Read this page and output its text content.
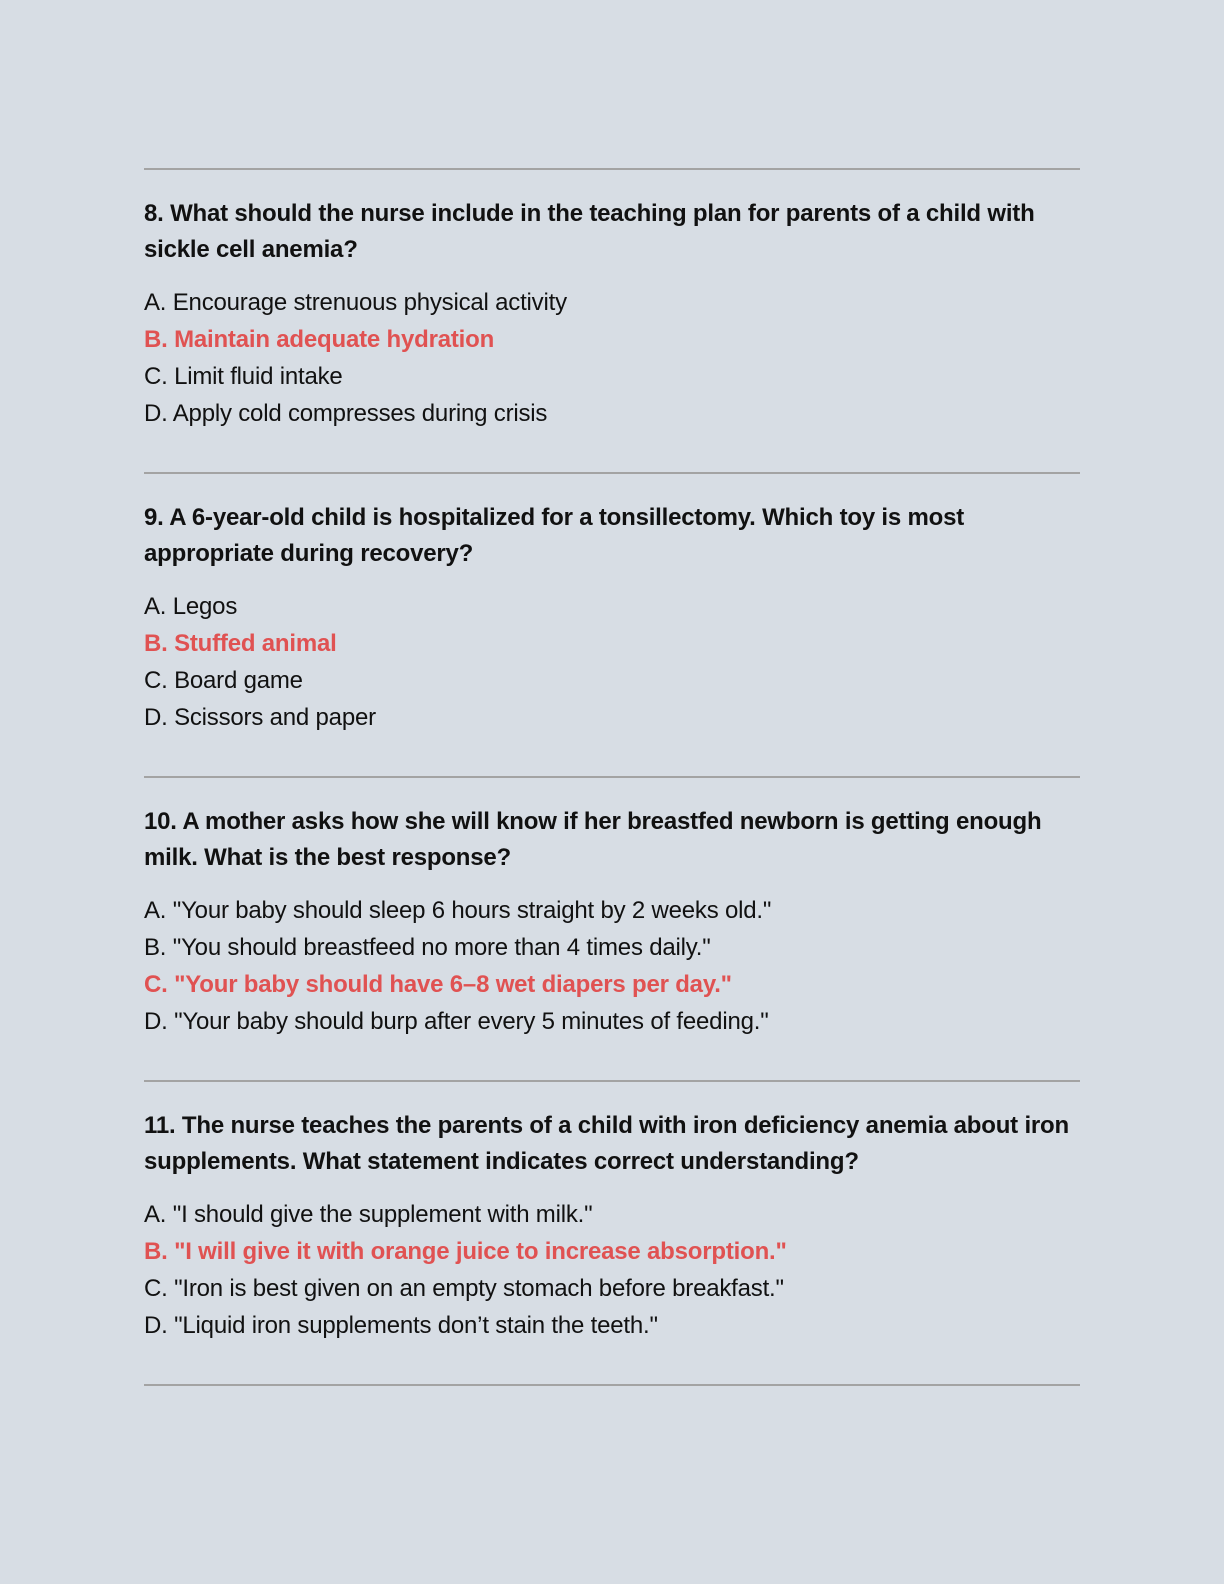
8. What should the nurse include in the teaching plan for parents of a child with sickle cell anemia?

A. Encourage strenuous physical activity
B. Maintain adequate hydration
C. Limit fluid intake
D. Apply cold compresses during crisis

9. A 6-year-old child is hospitalized for a tonsillectomy. Which toy is most appropriate during recovery?

A. Legos
B. Stuffed animal
C. Board game
D. Scissors and paper

10. A mother asks how she will know if her breastfed newborn is getting enough milk. What is the best response?

A. "Your baby should sleep 6 hours straight by 2 weeks old."
B. "You should breastfeed no more than 4 times daily."
C. "Your baby should have 6–8 wet diapers per day."
D. "Your baby should burp after every 5 minutes of feeding."

11. The nurse teaches the parents of a child with iron deficiency anemia about iron supplements. What statement indicates correct understanding?

A. "I should give the supplement with milk."
B. "I will give it with orange juice to increase absorption."
C. "Iron is best given on an empty stomach before breakfast."
D. "Liquid iron supplements don’t stain the teeth."
